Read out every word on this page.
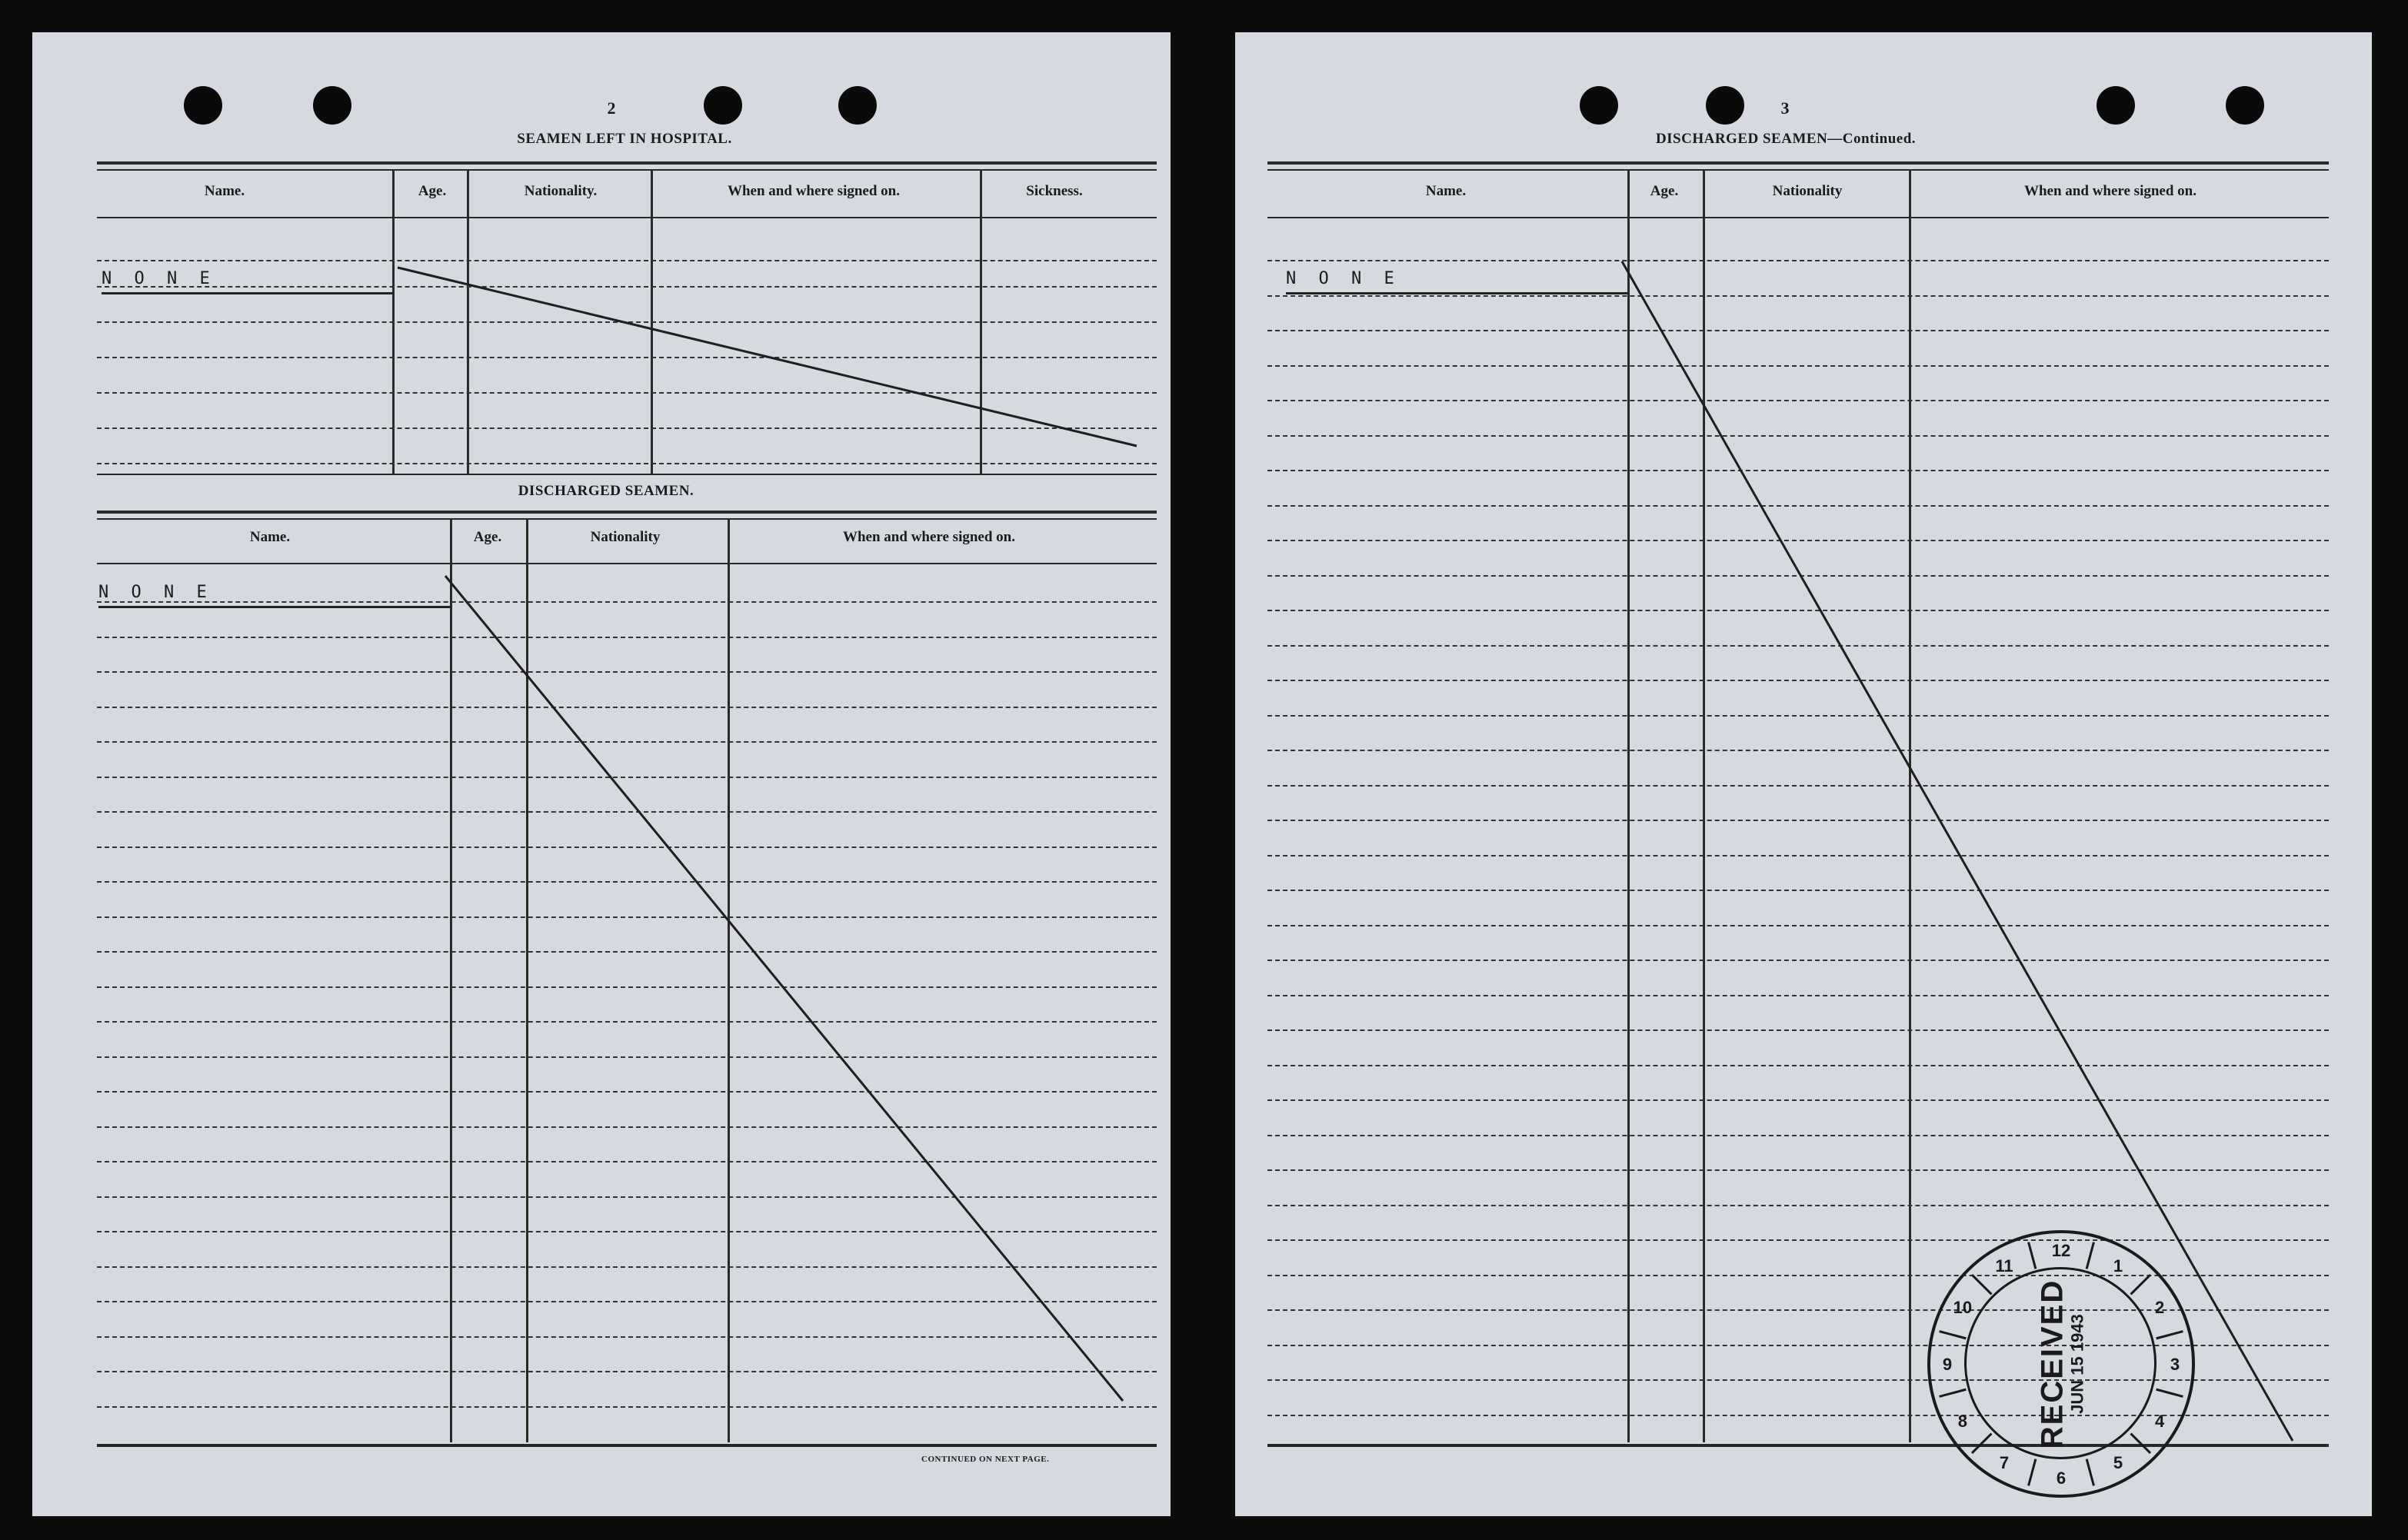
2
SEAMEN LEFT IN HOSPITAL.
Name.	Age.	Nationality.	When and where signed on.	Sickness.
N O N E
DISCHARGED SEAMEN.
Name.	Age.	Nationality	When and where signed on.
N O N E
CONTINUED ON NEXT PAGE.
3
DISCHARGED SEAMEN—Continued.
Name.	Age.	Nationality	When and where signed on.
N O N E
12
1
2
3
4
5
6
7
8
9
10
11
RECEIVED
JUN 15 1943
